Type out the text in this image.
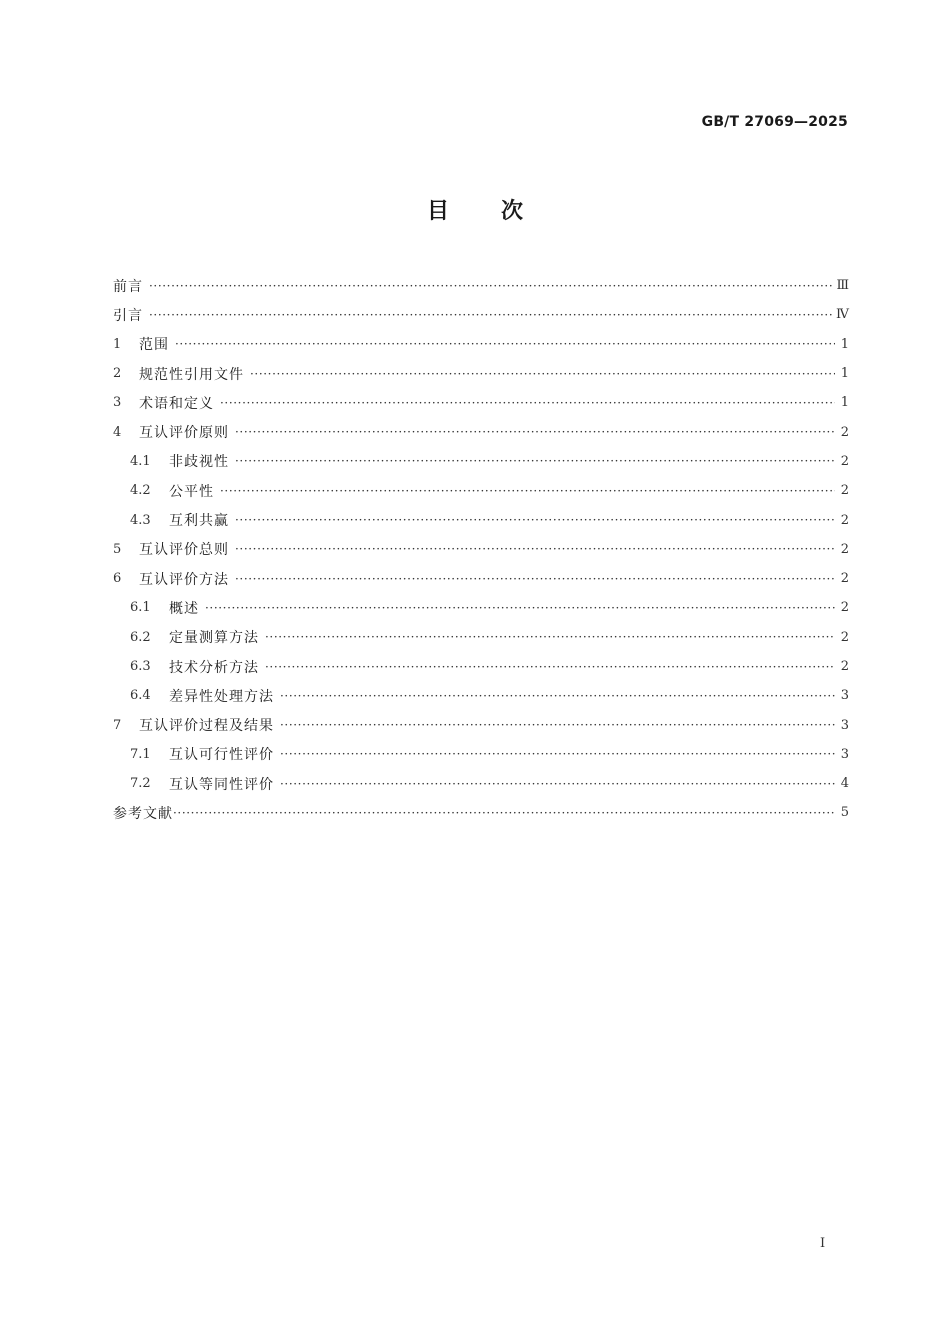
GB/T 27069—2025
目 次
前言 ·····	Ⅲ
引言 ·····	Ⅳ
1	范围 ·····	1
2	规范性引用文件 ·····	1
3	术语和定义 ·····	1
4	互认评价原则 ·····	2
4.1	非歧视性 ·····	2
4.2	公平性 ·····	2
4.3	互利共赢 ·····	2
5	互认评价总则 ·····	2
6	互认评价方法 ·····	2
6.1	概述 ·····	2
6.2	定量测算方法 ·····	2
6.3	技术分析方法 ·····	2
6.4	差异性处理方法 ·····	3
7	互认评价过程及结果 ·····	3
7.1	互认可行性评价 ·····	3
7.2	互认等同性评价 ·····	4
参考文献 ·····	5
I
